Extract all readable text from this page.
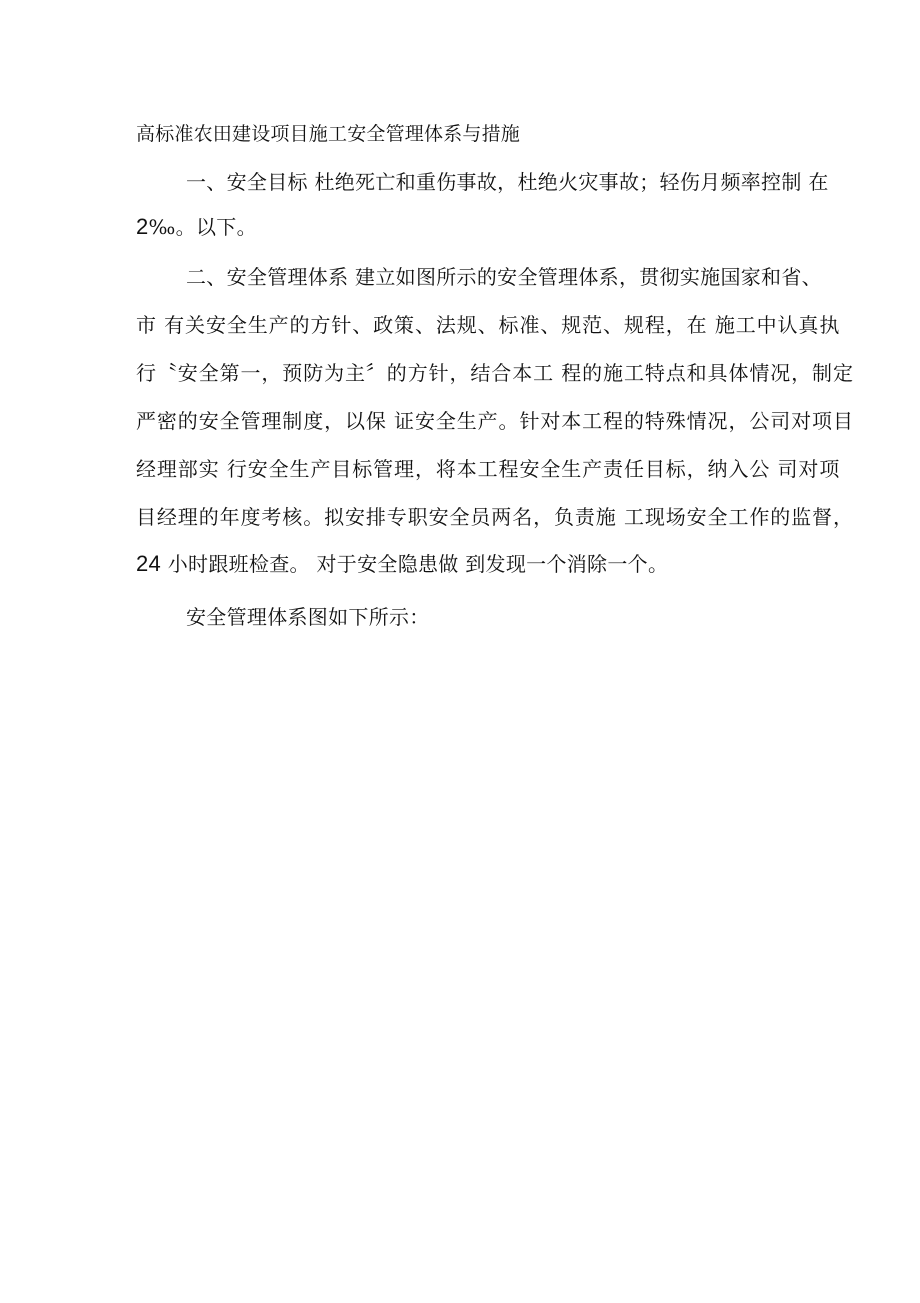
高标准农田建设项目施工安全管理体系与措施
一、安全目标 杜绝死亡和重伤事故，杜绝火灾事故；轻伤月频率控制 在
2‰。以下。
二、安全管理体系 建立如图所示的安全管理体系，贯彻实施国家和省、
市 有关安全生产的方针、政策、法规、标准、规范、规程，在 施工中认真执
行〝安全第一，预防为主〞的方针，结合本工 程的施工特点和具体情况，制定
严密的安全管理制度，以保 证安全生产。针对本工程的特殊情况，公司对项目
经理部实 行安全生产目标管理，将本工程安全生产责任目标，纳入公 司对项
目经理的年度考核。拟安排专职安全员两名，负责施 工现场安全工作的监督，
24 小时跟班检查。 对于安全隐患做 到发现一个消除一个。
安全管理体系图如下所示：
